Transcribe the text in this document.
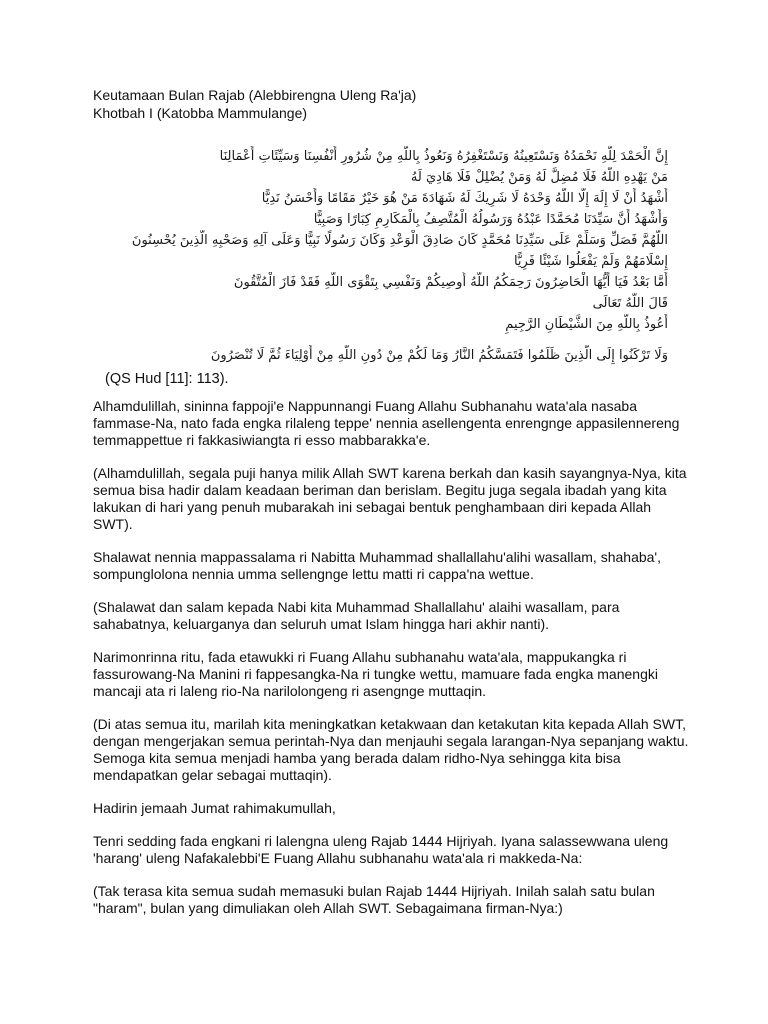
Keutamaan Bulan Rajab (Alebbirengna Uleng Ra'ja)
Khotbah I (Katobba Mammulange)
إِنَّ الْحَمْدَ لِلَّهِ نَحْمَدُهُ وَنَسْتَعِينُهُ وَنَسْتَغْفِرُهُ وَنَعُوذُ بِاللَّهِ مِنْ شُرُورِ أَنْفُسِنَا وَسَيِّئَاتِ أَعْمَالِنَا
مَنْ يَهْدِهِ اللَّهُ فَلَا مُضِلَّ لَهُ وَمَنْ يُضْلِلْ فَلَا هَادِيَ لَهُ
أَشْهَدُ أَنْ لَا إِلَهَ إِلَّا اللَّهُ وَحْدَهُ لَا شَرِيكَ لَهُ شَهَادَةَ مَنْ هُوَ خَيْرٌ مَقَامًا وَأَحْسَنُ نَدِيًّا
وَأَشْهَدُ أَنَّ سَيِّدَنَا مُحَمَّدًا عَبْدُهُ وَرَسُولُهُ الْمُتَّصِفُ بِالْمَكَارِمِ كِبَارًا وَصَبِيًّا
اللَّهُمَّ فَصَلِّ وَسَلِّمْ عَلَى سَيِّدِنَا مُحَمَّدٍ كَانَ صَادِقَ الْوَعْدِ وَكَانَ رَسُولًا نَبِيًّا وَعَلَى آلِهِ وَصَحْبِهِ الَّذِينَ يُحْسِنُونَ
إِسْلَامَهُمْ وَلَمْ يَفْعَلُوا شَيْئًا فَرِيًّا
أَمَّا بَعْدُ فَيَا أَيُّهَا الْحَاضِرُونَ رَحِمَكُمُ اللَّهُ أُوصِيكُمْ وَنَفْسِي بِتَقْوَى اللَّهِ فَقَدْ فَازَ الْمُتَّقُونَ
قَالَ اللَّهُ تَعَالَى
أَعُوذُ بِاللَّهِ مِنَ الشَّيْطَانِ الرَّجِيمِ
وَلَا تَرْكَنُوا إِلَى الَّذِينَ ظَلَمُوا فَتَمَسَّكُمُ النَّارُ وَمَا لَكُمْ مِنْ دُونِ اللَّهِ مِنْ أَوْلِيَاءَ ثُمَّ لَا تُنْصَرُونَ
(QS Hud [11]: 113).

Alhamdulillah, sininna fappoji'e Nappunnangi Fuang Allahu Subhanahu wata'ala nasaba fammase-Na, nato fada engka rilaleng teppe' nennia asellengenta enrengnge appasilennereng temmappettue ri fakkasiwiangta ri esso mabbarakka'e.

(Alhamdulillah, segala puji hanya milik Allah SWT karena berkah dan kasih sayangnya-Nya, kita semua bisa hadir dalam keadaan beriman dan berislam. Begitu juga segala ibadah yang kita lakukan di hari yang penuh mubarakah ini sebagai bentuk penghambaan diri kepada Allah SWT).

Shalawat nennia mappassalama ri Nabitta Muhammad shallallahu'alihi wasallam, shahaba', sompunglolona nennia umma sellengnge lettu matti ri cappa'na wettue.

(Shalawat dan salam kepada Nabi kita Muhammad Shallallahu' alaihi wasallam, para sahabatnya, keluarganya dan seluruh umat Islam hingga hari akhir nanti).

Narimonrinna ritu, fada etawukki ri Fuang Allahu subhanahu wata'ala, mappukangka ri fassurowang-Na Manini ri fappesangka-Na ri tungke wettu, mamuare fada engka manengki mancaji ata ri laleng rio-Na narilolongeng ri asengnge muttaqin.

(Di atas semua itu, marilah kita meningkatkan ketakwaan dan ketakutan kita kepada Allah SWT, dengan mengerjakan semua perintah-Nya dan menjauhi segala larangan-Nya sepanjang waktu. Semoga kita semua menjadi hamba yang berada dalam ridho-Nya sehingga kita bisa mendapatkan gelar sebagai muttaqin).

Hadirin jemaah Jumat rahimakumullah,

Tenri sedding fada engkani ri lalengna uleng Rajab 1444 Hijriyah. Iyana salassewwana uleng 'harang' uleng Nafakalebbi'E Fuang Allahu subhanahu wata'ala ri makkeda-Na:

(Tak terasa kita semua sudah memasuki bulan Rajab 1444 Hijriyah. Inilah salah satu bulan "haram", bulan yang dimuliakan oleh Allah SWT. Sebagaimana firman-Nya:)
